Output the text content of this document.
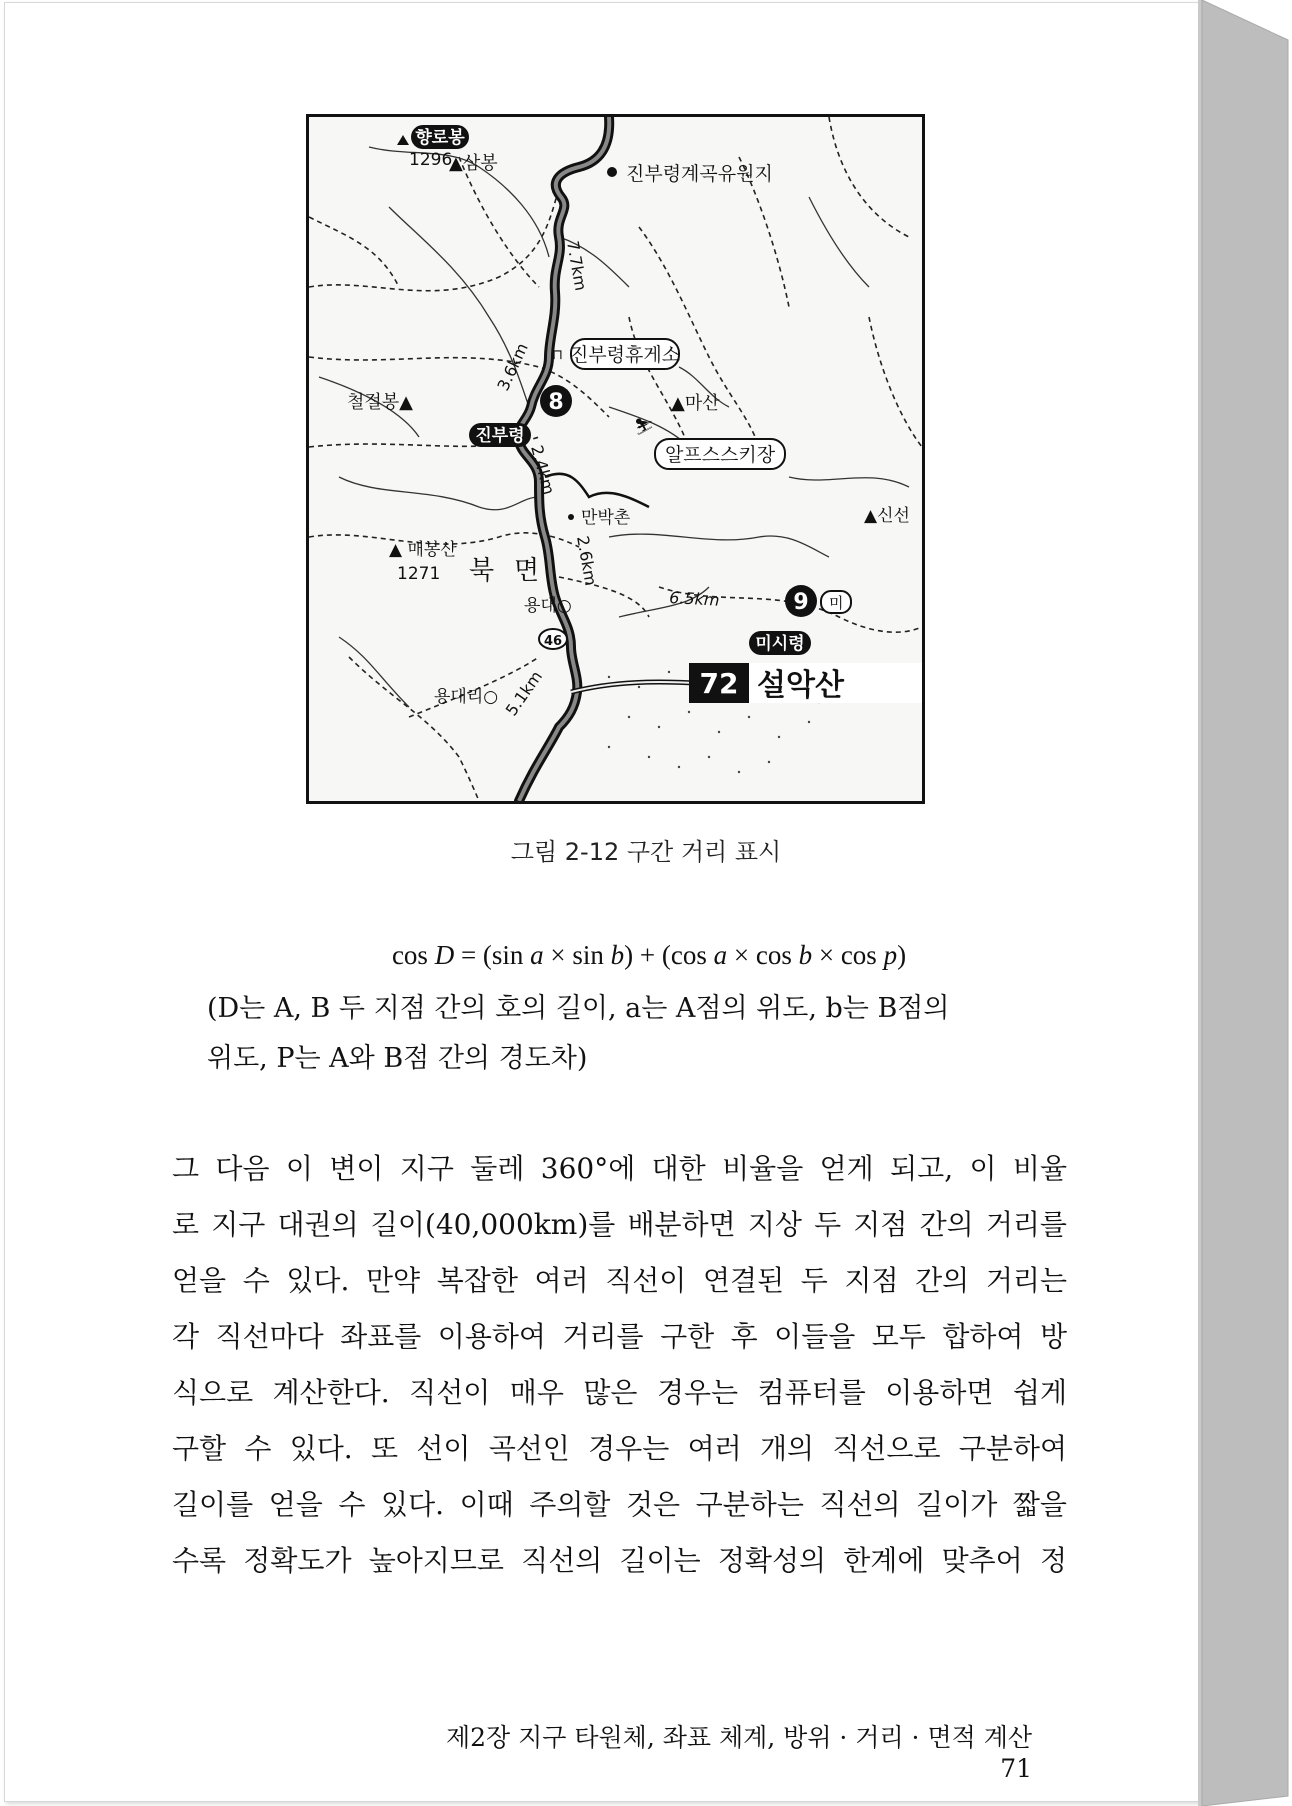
향로봉
1296
▲삼봉	진부령계곡유원지
7.7km
3.6km ⊓ 진부령휴게소
8
철절봉▲	▲마산
진부령	⛷
알프스스키장
2.4km
만박촌	▲신선
▲ 매봉산
1271 북 면 2.6km
6.5km	9 미
용대○
46	미시령
용대리○ 5.1km	72 설악산
그림 2-12 구간 거리 표시
cos D = (sin a × sin b) + (cos a × cos b × cos p)
(D는 A, B 두 지점 간의 호의 길이, a는 A점의 위도, b는 B점의
위도, P는 A와 B점 간의 경도차)
그 다음 이 변이 지구 둘레 360°에 대한 비율을 얻게 되고, 이 비율
로 지구 대권의 길이(40,000km)를 배분하면 지상 두 지점 간의 거리를
얻을 수 있다. 만약 복잡한 여러 직선이 연결된 두 지점 간의 거리는
각 직선마다 좌표를 이용하여 거리를 구한 후 이들을 모두 합하여 방
식으로 계산한다. 직선이 매우 많은 경우는 컴퓨터를 이용하면 쉽게
구할 수 있다. 또 선이 곡선인 경우는 여러 개의 직선으로 구분하여
길이를 얻을 수 있다. 이때 주의할 것은 구분하는 직선의 길이가 짧을
수록 정확도가 높아지므로 직선의 길이는 정확성의 한계에 맞추어 정
제2장 지구 타원체, 좌표 체계, 방위 · 거리 · 면적 계산 71
